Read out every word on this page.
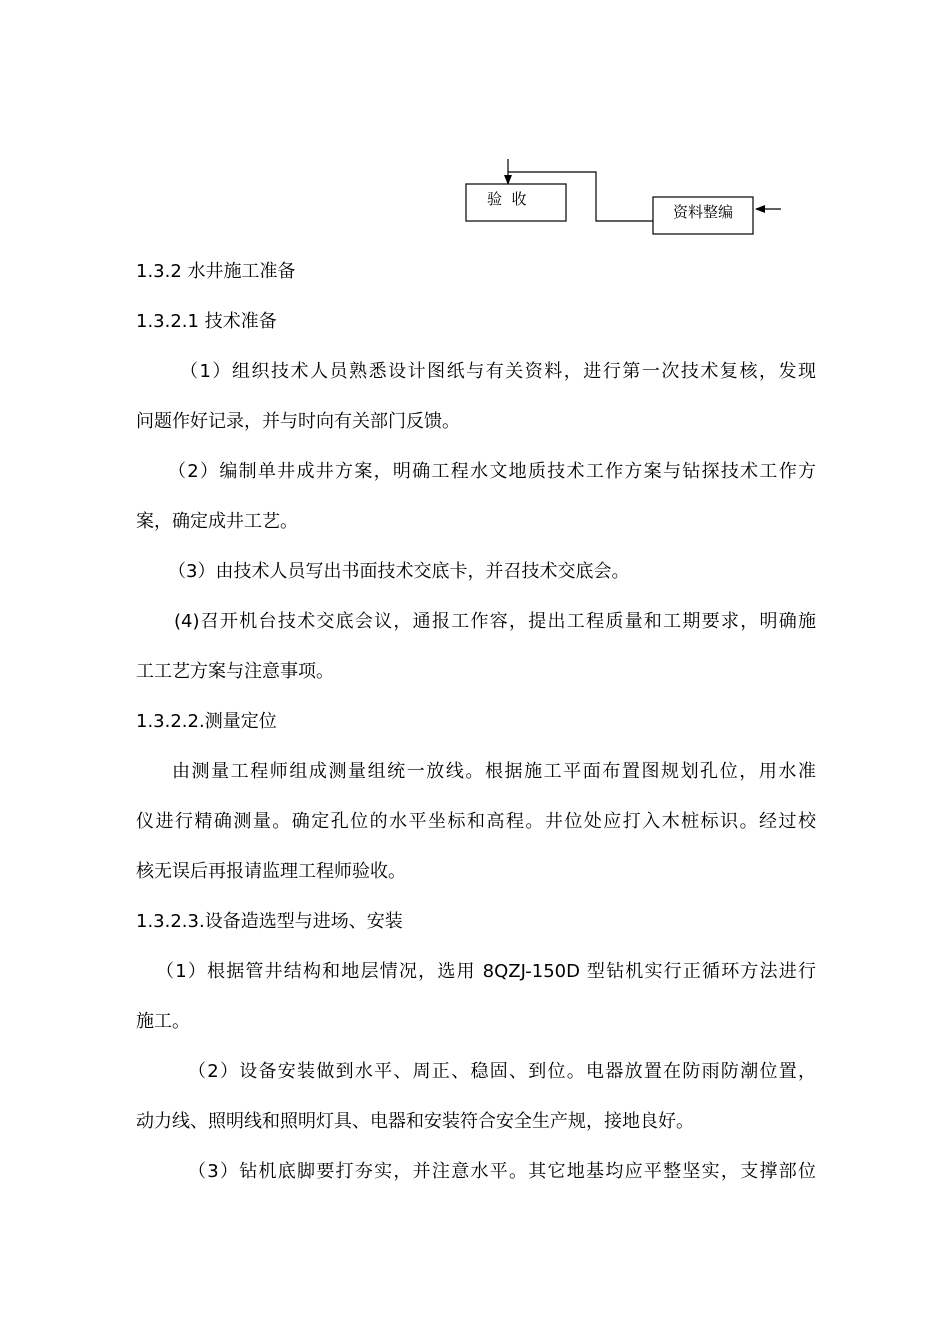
验  收
资料整编
1.3.2 水井施工准备
1.3.2.1 技术准备
（1）组织技术人员熟悉设计图纸与有关资料，进行第一次技术复核，发现
问题作好记录，并与时向有关部门反馈。
（2）编制单井成井方案，明确工程水文地质技术工作方案与钻探技术工作方
案，确定成井工艺。
（3）由技术人员写出书面技术交底卡，并召技术交底会。
(4)召开机台技术交底会议，通报工作容，提出工程质量和工期要求，明确施
工工艺方案与注意事项。
1.3.2.2.测量定位
由测量工程师组成测量组统一放线。根据施工平面布置图规划孔位，用水准
仪进行精确测量。确定孔位的水平坐标和高程。井位处应打入木桩标识。经过校
核无误后再报请监理工程师验收。
1.3.2.3.设备造选型与进场、安装
（1）根据管井结构和地层情况，选用 8QZJ-150D 型钻机实行正循环方法进行
施工。
（2）设备安装做到水平、周正、稳固、到位。电器放置在防雨防潮位置，
动力线、照明线和照明灯具、电器和安装符合安全生产规，接地良好。
（3）钻机底脚要打夯实，并注意水平。其它地基均应平整坚实，支撑部位
